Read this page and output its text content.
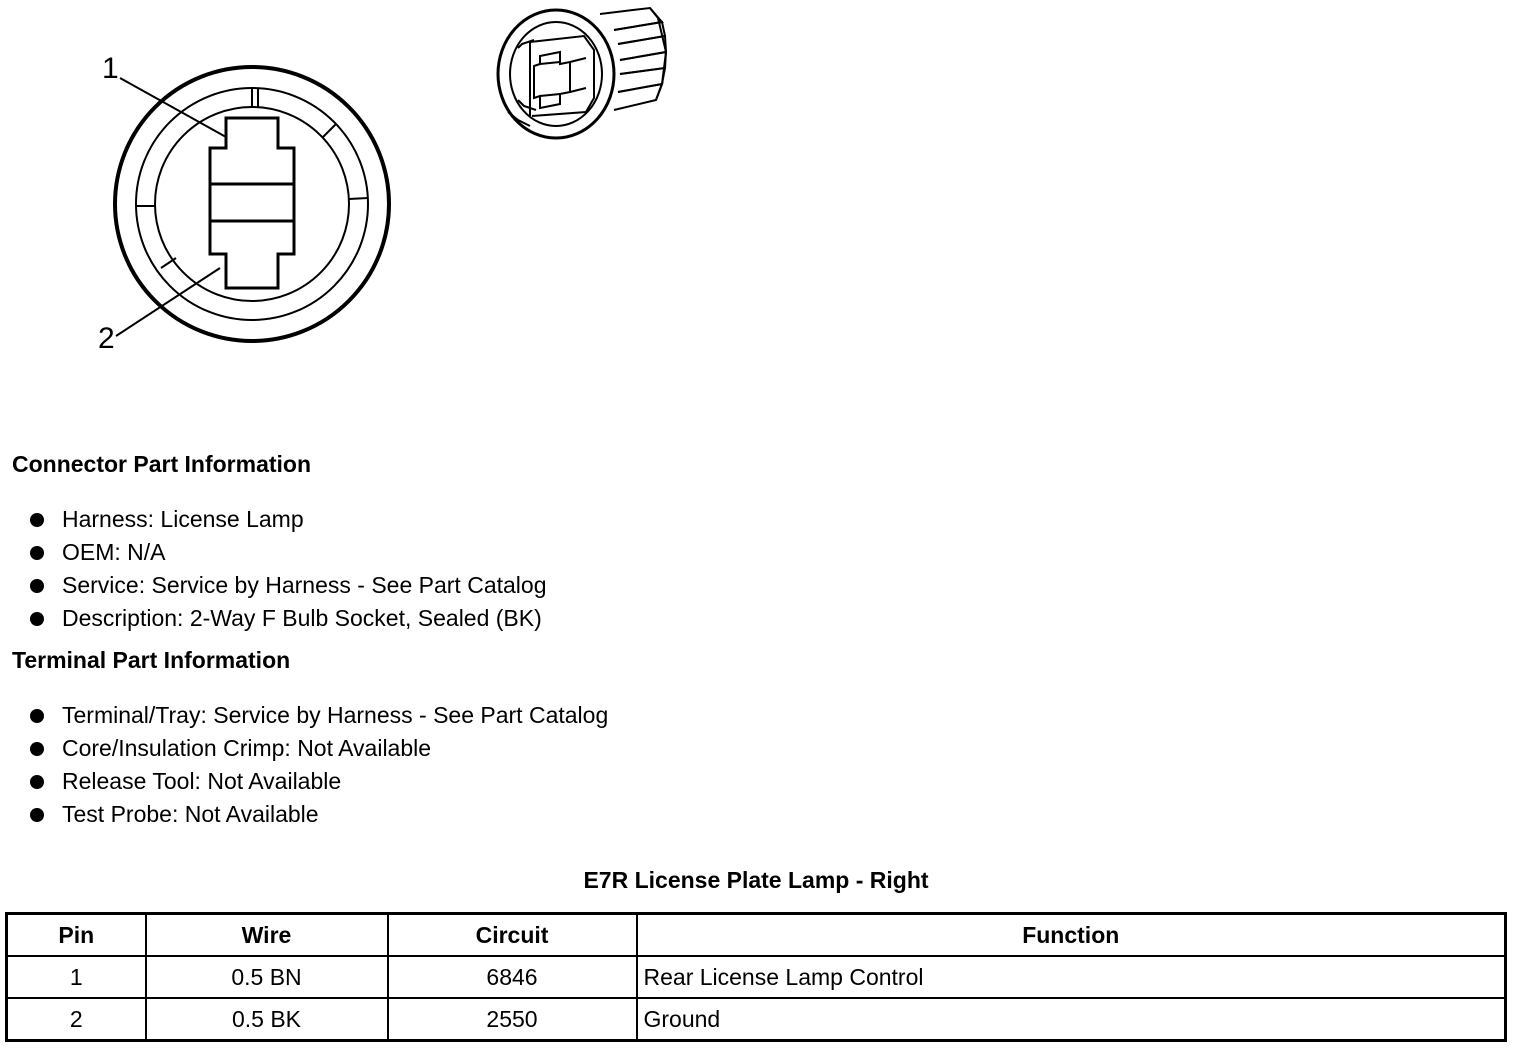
1
2
Connector Part Information
Harness: License Lamp
OEM: N/A
Service: Service by Harness - See Part Catalog
Description: 2-Way F Bulb Socket, Sealed (BK)
Terminal Part Information
Terminal/Tray: Service by Harness - See Part Catalog
Core/Insulation Crimp: Not Available
Release Tool: Not Available
Test Probe: Not Available
E7R License Plate Lamp - Right
Pin	Wire	Circuit	Function
1	0.5 BN	6846	Rear License Lamp Control
2	0.5 BK	2550	Ground
